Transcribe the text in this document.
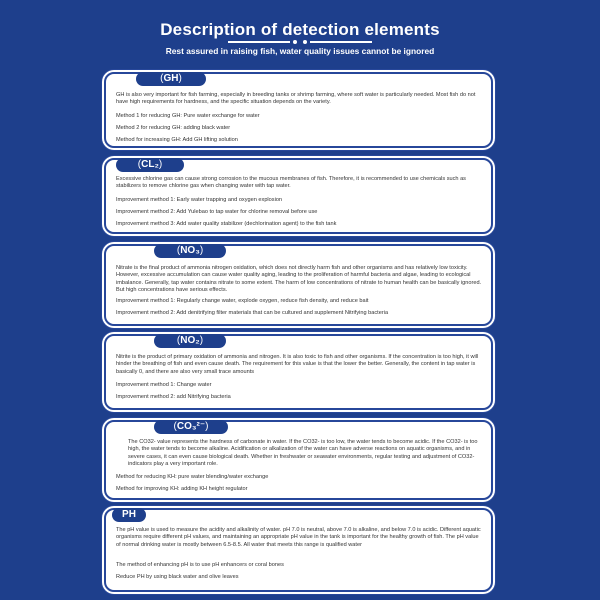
Description of detection elements
Rest assured in raising fish, water quality issues cannot be ignored
(GH)
GH is also very important for fish farming, especially in breeding tanks or shrimp farming, where soft water is particularly needed. Most fish do not have high requirements for hardness, and the specific situation depends on the variety.
Method 1 for reducing GH: Pure water exchange for water
Method 2 for reducing GH: adding black water
Method for increasing GH: Add GH lifting solution
(CL₂)
Excessive chlorine gas can cause strong corrosion to the mucous membranes of fish. Therefore, it is recommended to use chemicals such as stabilizers to remove chlorine gas when changing water with tap water.
Improvement method 1: Early water trapping and oxygen explosion
Improvement method 2: Add Yulebao to tap water for chlorine removal before use
Improvement method 3: Add water quality stabilizer (dechlorination agent) to the fish tank
(NO₃)
Nitrate is the final product of ammonia nitrogen oxidation, which does not directly harm fish and other organisms and has relatively low toxicity. However, excessive accumulation can cause water quality aging, leading to the proliferation of harmful bacteria and algae, leading to ecological imbalance. Generally, tap water contains nitrate to some extent. The harm of low concentrations of nitrate to human health can be basically ignored. But high concentrations have serious effects.
Improvement method 1: Regularly change water, explode oxygen, reduce fish density, and reduce bait
Improvement method 2: Add denitrifying filter materials that can be cultured and supplement Nitrifying bacteria
(NO₂)
Nitrite is the product of primary oxidation of ammonia and nitrogen. It is also toxic to fish and other organisms. If the concentration is too high, it will hinder the breathing of fish and even cause death. The requirement for this value is that the lower the better. Generally, the content in tap water is basically 0, and there are also very small trace amounts
Improvement method 1: Change water
Improvement method 2: add Nitrifying bacteria
(CO₃²⁻)
The CO32- value represents the hardness of carbonate in water. If the CO32- is too low, the water tends to become acidic. If the CO32- is too high, the water tends to become alkaline. Acidification or alkalization of the water can have adverse reactions on aquatic organisms, and in severe cases, it can even cause biological death. Whether in freshwater or seawater environments, regular testing and adjustment of CO32- indicators play a very important role.
Method for reducing KH: pure water blending/water exchange
Method for improving KH: adding KH height regulator
PH
The pH value is used to measure the acidity and alkalinity of water. pH 7.0 is neutral, above 7.0 is alkaline, and below 7.0 is acidic. Different aquatic organisms require different pH values, and maintaining an appropriate pH value in the tank is important for the healthy growth of fish. The pH value of normal drinking water is mostly between 6.5-8.5. All water that meets this range is qualified water
The method of enhancing pH is to use pH enhancers or coral bones
Reduce PH by using black water and olive leaves
